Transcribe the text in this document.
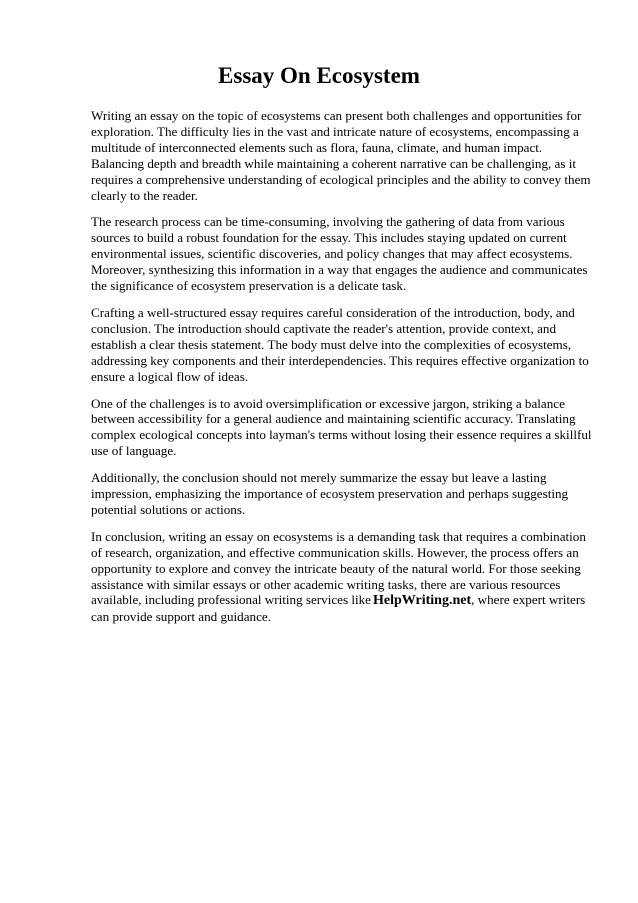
Essay On Ecosystem

Writing an essay on the topic of ecosystems can present both challenges and opportunities for exploration. The difficulty lies in the vast and intricate nature of ecosystems, encompassing a multitude of interconnected elements such as flora, fauna, climate, and human impact. Balancing depth and breadth while maintaining a coherent narrative can be challenging, as it requires a comprehensive understanding of ecological principles and the ability to convey them clearly to the reader.

The research process can be time-consuming, involving the gathering of data from various sources to build a robust foundation for the essay. This includes staying updated on current environmental issues, scientific discoveries, and policy changes that may affect ecosystems. Moreover, synthesizing this information in a way that engages the audience and communicates the significance of ecosystem preservation is a delicate task.

Crafting a well-structured essay requires careful consideration of the introduction, body, and conclusion. The introduction should captivate the reader's attention, provide context, and establish a clear thesis statement. The body must delve into the complexities of ecosystems, addressing key components and their interdependencies. This requires effective organization to ensure a logical flow of ideas.

One of the challenges is to avoid oversimplification or excessive jargon, striking a balance between accessibility for a general audience and maintaining scientific accuracy. Translating complex ecological concepts into layman's terms without losing their essence requires a skillful use of language.

Additionally, the conclusion should not merely summarize the essay but leave a lasting impression, emphasizing the importance of ecosystem preservation and perhaps suggesting potential solutions or actions.

In conclusion, writing an essay on ecosystems is a demanding task that requires a combination of research, organization, and effective communication skills. However, the process offers an opportunity to explore and convey the intricate beauty of the natural world. For those seeking assistance with similar essays or other academic writing tasks, there are various resources available, including professional writing services like HelpWriting.net, where expert writers can provide support and guidance.
